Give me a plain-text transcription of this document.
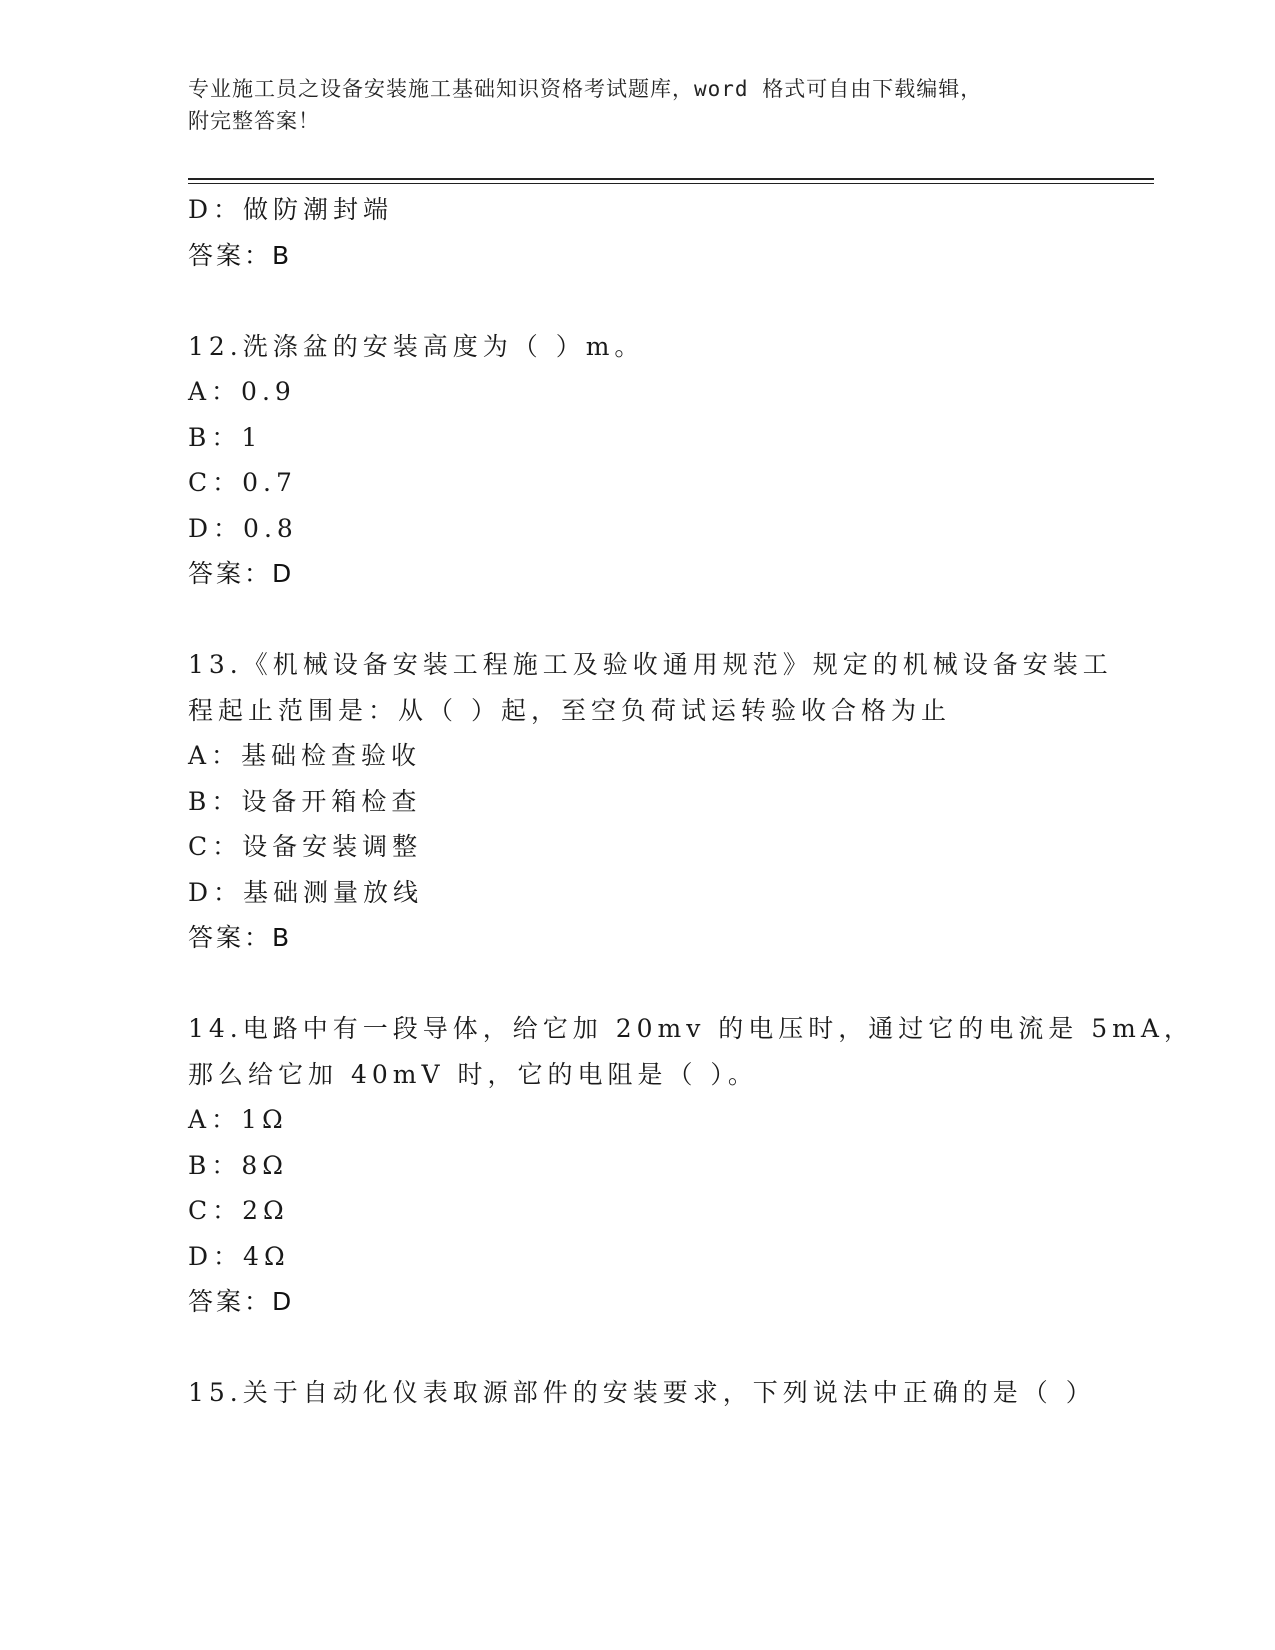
专业施工员之设备安装施工基础知识资格考试题库，word 格式可自由下载编辑，
附完整答案！
D：做防潮封端
答案：B
12.洗涤盆的安装高度为（ ）m。
A：0.9
B：1
C：0.7
D：0.8
答案：D
13.《机械设备安装工程施工及验收通用规范》规定的机械设备安装工
程起止范围是：从（ ）起，至空负荷试运转验收合格为止
A：基础检查验收
B：设备开箱检查
C：设备安装调整
D：基础测量放线
答案：B
14.电路中有一段导体，给它加 20mv 的电压时，通过它的电流是 5mA，
那么给它加 40mV 时，它的电阻是（ ）。
A：1Ω
B：8Ω
C：2Ω
D：4Ω
答案：D
15.关于自动化仪表取源部件的安装要求，下列说法中正确的是（ ）
